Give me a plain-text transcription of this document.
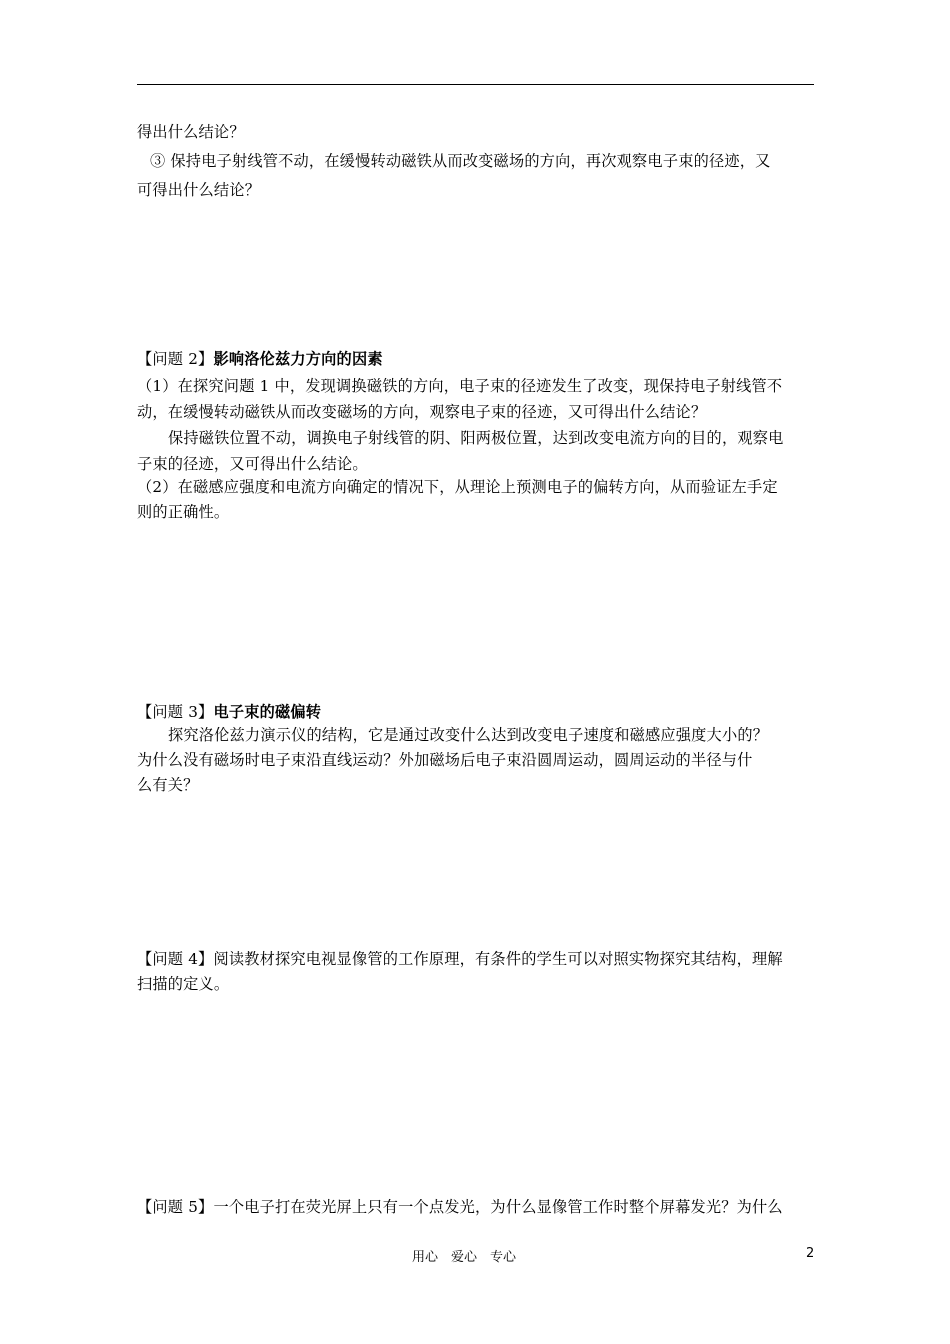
得出什么结论？
③ 保持电子射线管不动，在缓慢转动磁铁从而改变磁场的方向，再次观察电子束的径迹，又
可得出什么结论？
【问题 2】影响洛伦兹力方向的因素
（1）在探究问题 1 中，发现调换磁铁的方向，电子束的径迹发生了改变，现保持电子射线管不
动，在缓慢转动磁铁从而改变磁场的方向，观察电子束的径迹，又可得出什么结论？
保持磁铁位置不动，调换电子射线管的阴、阳两极位置，达到改变电流方向的目的，观察电
子束的径迹，又可得出什么结论。
（2）在磁感应强度和电流方向确定的情况下，从理论上预测电子的偏转方向，从而验证左手定
则的正确性。
【问题 3】电子束的磁偏转
探究洛伦兹力演示仪的结构，它是通过改变什么达到改变电子速度和磁感应强度大小的？
为什么没有磁场时电子束沿直线运动？外加磁场后电子束沿圆周运动，圆周运动的半径与什
么有关？
【问题 4】阅读教材探究电视显像管的工作原理，有条件的学生可以对照实物探究其结构，理解
扫描的定义。
【问题 5】一个电子打在荧光屏上只有一个点发光，为什么显像管工作时整个屏幕发光？为什么
用心　爱心　专心	2
